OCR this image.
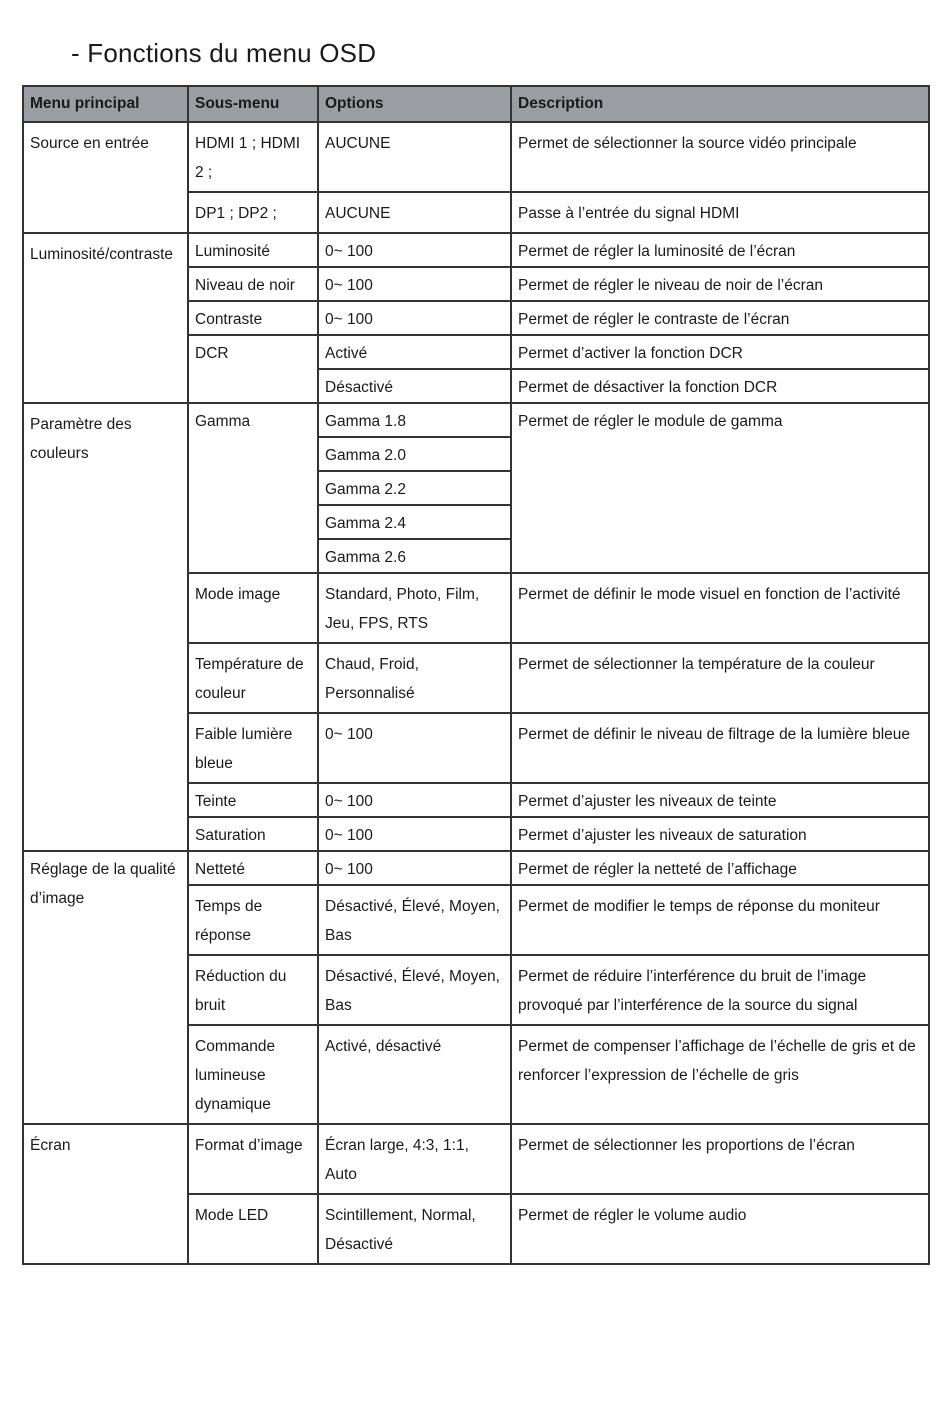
- Fonctions du menu OSD
Menu principal	Sous-menu	Options	Description
Source en entrée	HDMI 1 ; HDMI 2 ;	AUCUNE	Permet de sélectionner la source vidéo principale
	DP1 ; DP2 ;	AUCUNE	Passe à l’entrée du signal HDMI
Luminosité/contraste	Luminosité	0~ 100	Permet de régler la luminosité de l’écran
	Niveau de noir	0~ 100	Permet de régler le niveau de noir de l’écran
	Contraste	0~ 100	Permet de régler le contraste de l’écran
	DCR	Activé	Permet d’activer la fonction DCR
		Désactivé	Permet de désactiver la fonction DCR
Paramètre des couleurs	Gamma	Gamma 1.8	Permet de régler le module de gamma
		Gamma 2.0	
		Gamma 2.2	
		Gamma 2.4	
		Gamma 2.6	
	Mode image	Standard, Photo, Film, Jeu, FPS, RTS	Permet de définir le mode visuel en fonction de l’activité
	Température de couleur	Chaud, Froid, Personnalisé	Permet de sélectionner la température de la couleur
	Faible lumière bleue	0~ 100	Permet de définir le niveau de filtrage de la lumière bleue
	Teinte	0~ 100	Permet d’ajuster les niveaux de teinte
	Saturation	0~ 100	Permet d’ajuster les niveaux de saturation
Réglage de la qualité d’image	Netteté	0~ 100	Permet de régler la netteté de l’affichage
	Temps de réponse	Désactivé, Élevé, Moyen, Bas	Permet de modifier le temps de réponse du moniteur
	Réduction du bruit	Désactivé, Élevé, Moyen, Bas	Permet de réduire l’interférence du bruit de l’image provoqué par l’interférence de la source du signal
	Commande lumineuse dynamique	Activé, désactivé	Permet de compenser l’affichage de l’échelle de gris et de renforcer l’expression de l’échelle de gris
Écran	Format d’image	Écran large, 4:3, 1:1, Auto	Permet de sélectionner les proportions de l’écran
	Mode LED	Scintillement, Normal, Désactivé	Permet de régler le volume audio
